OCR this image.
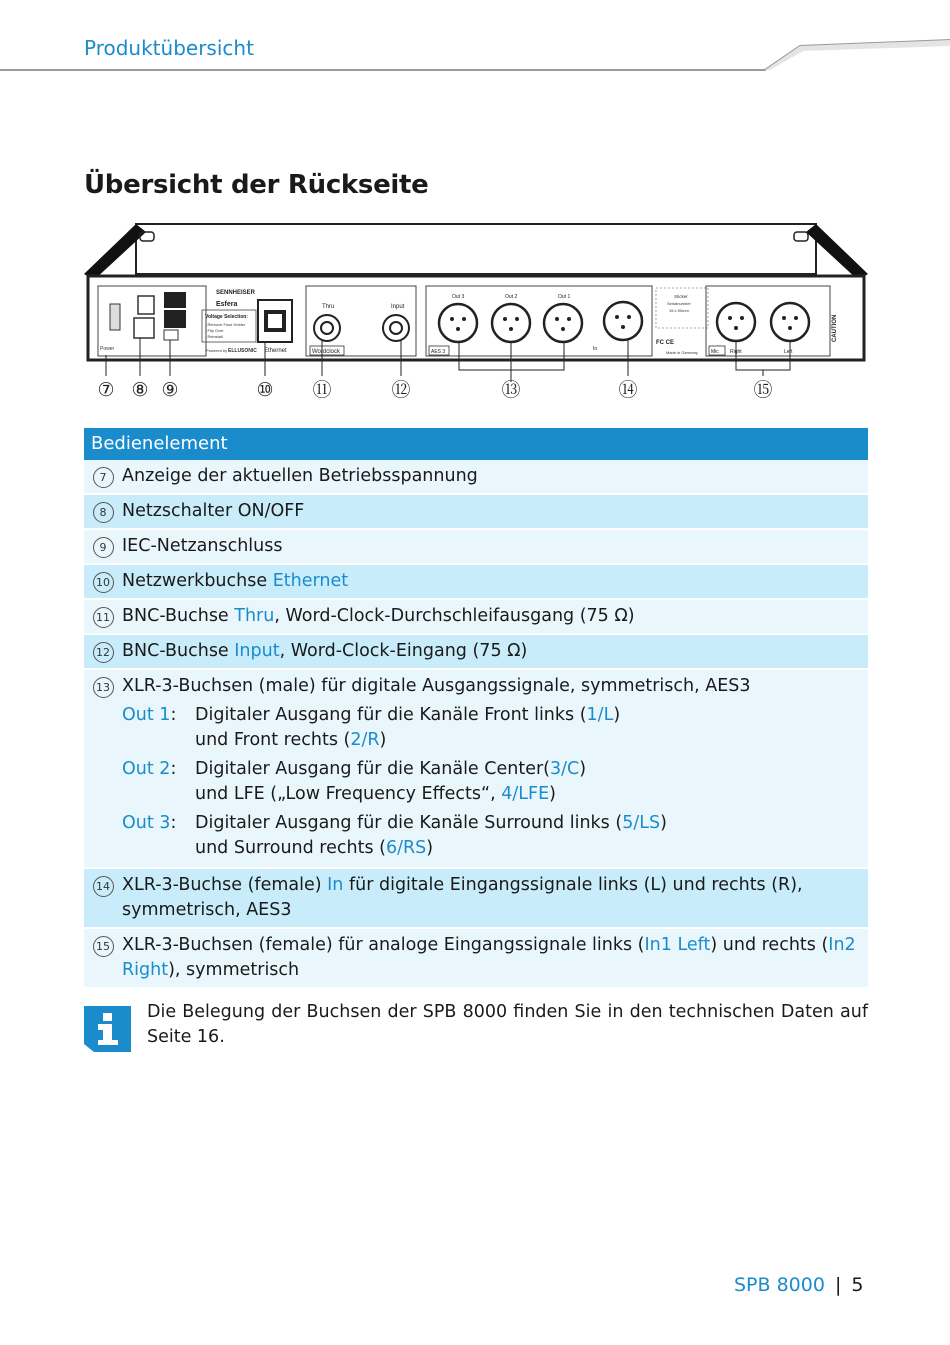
Produktübersicht
Übersicht der Rückseite
Power
SENNHEISER
Esfera
Voltage Selection:
- Remove Fuse Holder
- Flip Over
- Reinstall
Powered by ELLUSONIC Ethernet
Thru	Input
Wordclock
Out 3	Out 2	Out 1
AES 3	In
Sticker
Serialnumber
15 x 50mm
FC CE
Made in Germany	Mic Right	Left
CAUTION
⑦ ⑧ ⑨	⑩ ⑪	⑫	⑬	⑭	⑮
Bedienelement
7 Anzeige der aktuellen Betriebsspannung
8 Netzschalter ON/OFF
9 IEC-Netzanschluss
10 Netzwerkbuchse Ethernet
11 BNC-Buchse Thru, Word-Clock-Durchschleifausgang (75 Ω)
12 BNC-Buchse Input, Word-Clock-Eingang (75 Ω)
13 XLR-3-Buchsen (male) für digitale Ausgangssignale, symmetrisch, AES3
Out 1:	Digitaler Ausgang für die Kanäle Front links (1/L)
und Front rechts (2/R)
Out 2:	Digitaler Ausgang für die Kanäle Center(3/C)
und LFE („Low Frequency Effects“, 4/LFE)
Out 3:	Digitaler Ausgang für die Kanäle Surround links (5/LS)
und Surround rechts (6/RS)
14 XLR-3-Buchse (female) In für digitale Eingangssignale links (L) und rechts (R), symmetrisch, AES3
15 XLR-3-Buchsen (female) für analoge Eingangssignale links (In1 Left) und rechts (In2 Right), symmetrisch
Die Belegung der Buchsen der SPB 8000 finden Sie in den technischen Daten auf Seite 16.
SPB 8000 | 5
